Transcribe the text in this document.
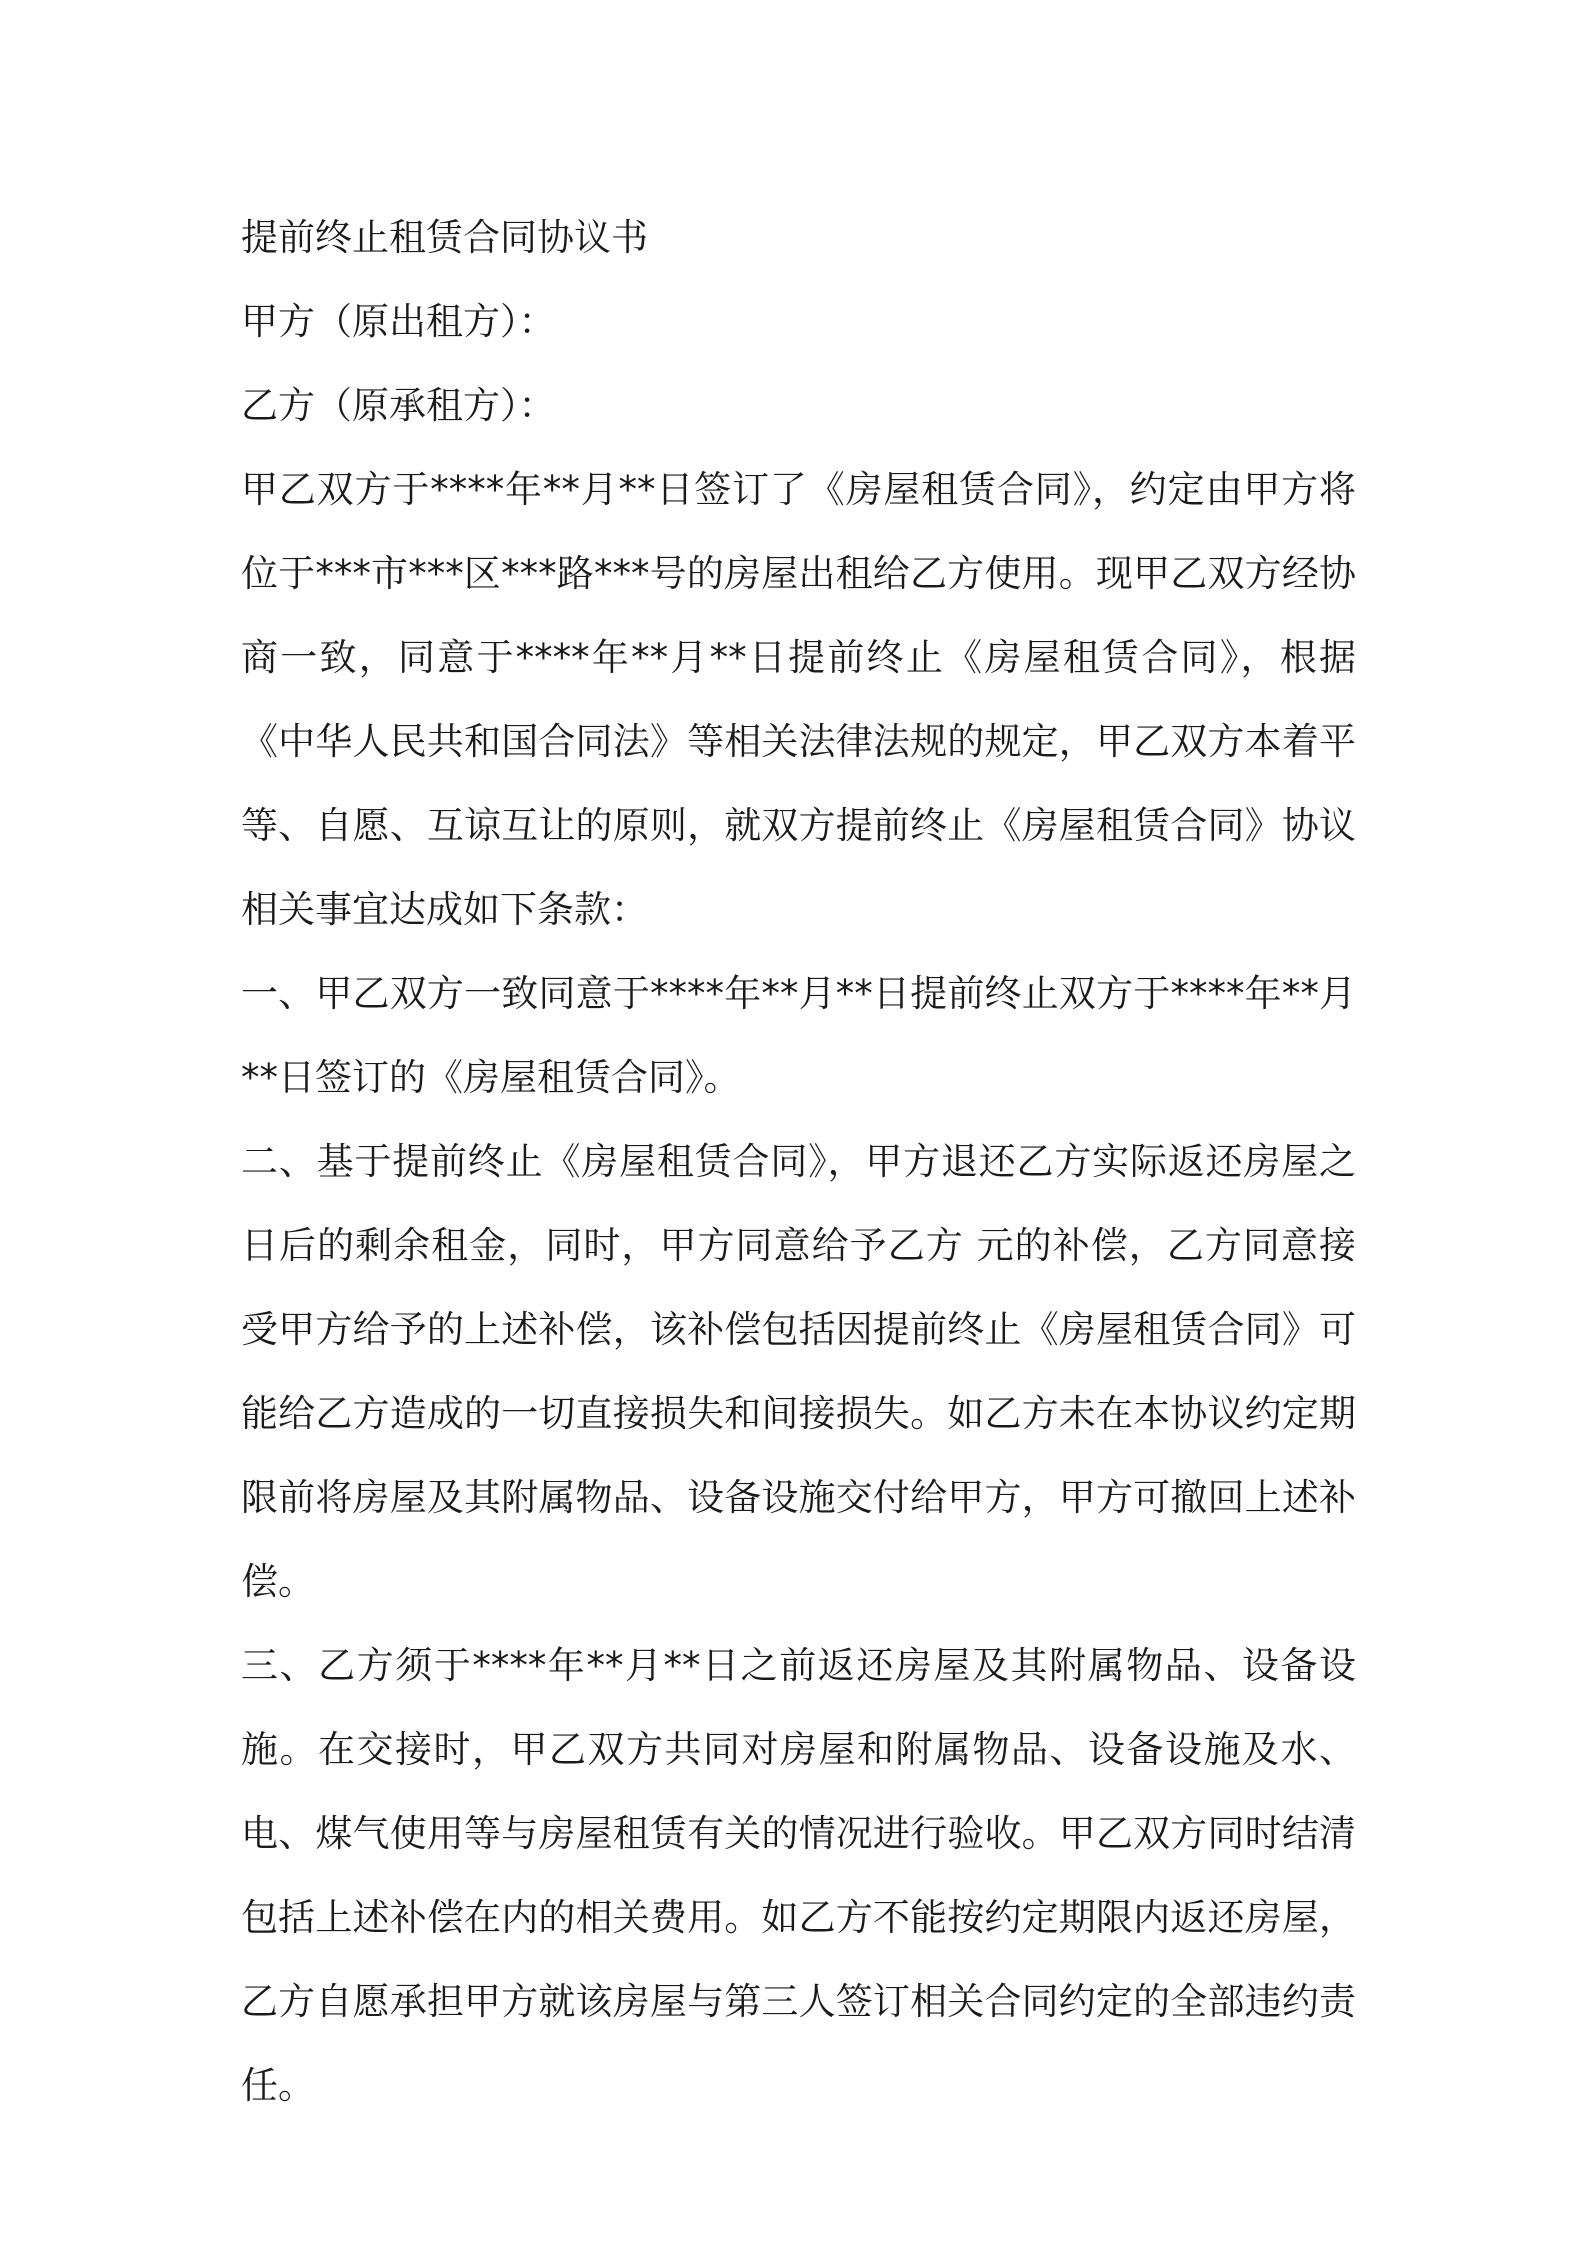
提前终止租赁合同协议书

甲方（原出租方）：

乙方（原承租方）：

甲乙双方于****年**月**日签订了《房屋租赁合同》，约定由甲方将位于***市***区***路***号的房屋出租给乙方使用。现甲乙双方经协商一致，同意于****年**月**日提前终止《房屋租赁合同》，根据《中华人民共和国合同法》等相关法律法规的规定，甲乙双方本着平等、自愿、互谅互让的原则，就双方提前终止《房屋租赁合同》协议相关事宜达成如下条款：

一、甲乙双方一致同意于****年**月**日提前终止双方于****年**月**日签订的《房屋租赁合同》。

二、基于提前终止《房屋租赁合同》，甲方退还乙方实际返还房屋之日后的剩余租金，同时，甲方同意给予乙方 元的补偿，乙方同意接受甲方给予的上述补偿，该补偿包括因提前终止《房屋租赁合同》可能给乙方造成的一切直接损失和间接损失。如乙方未在本协议约定期限前将房屋及其附属物品、设备设施交付给甲方，甲方可撤回上述补偿。

三、乙方须于****年**月**日之前返还房屋及其附属物品、设备设施。在交接时，甲乙双方共同对房屋和附属物品、设备设施及水、电、煤气使用等与房屋租赁有关的情况进行验收。甲乙双方同时结清包括上述补偿在内的相关费用。如乙方不能按约定期限内返还房屋，乙方自愿承担甲方就该房屋与第三人签订相关合同约定的全部违约责任。
